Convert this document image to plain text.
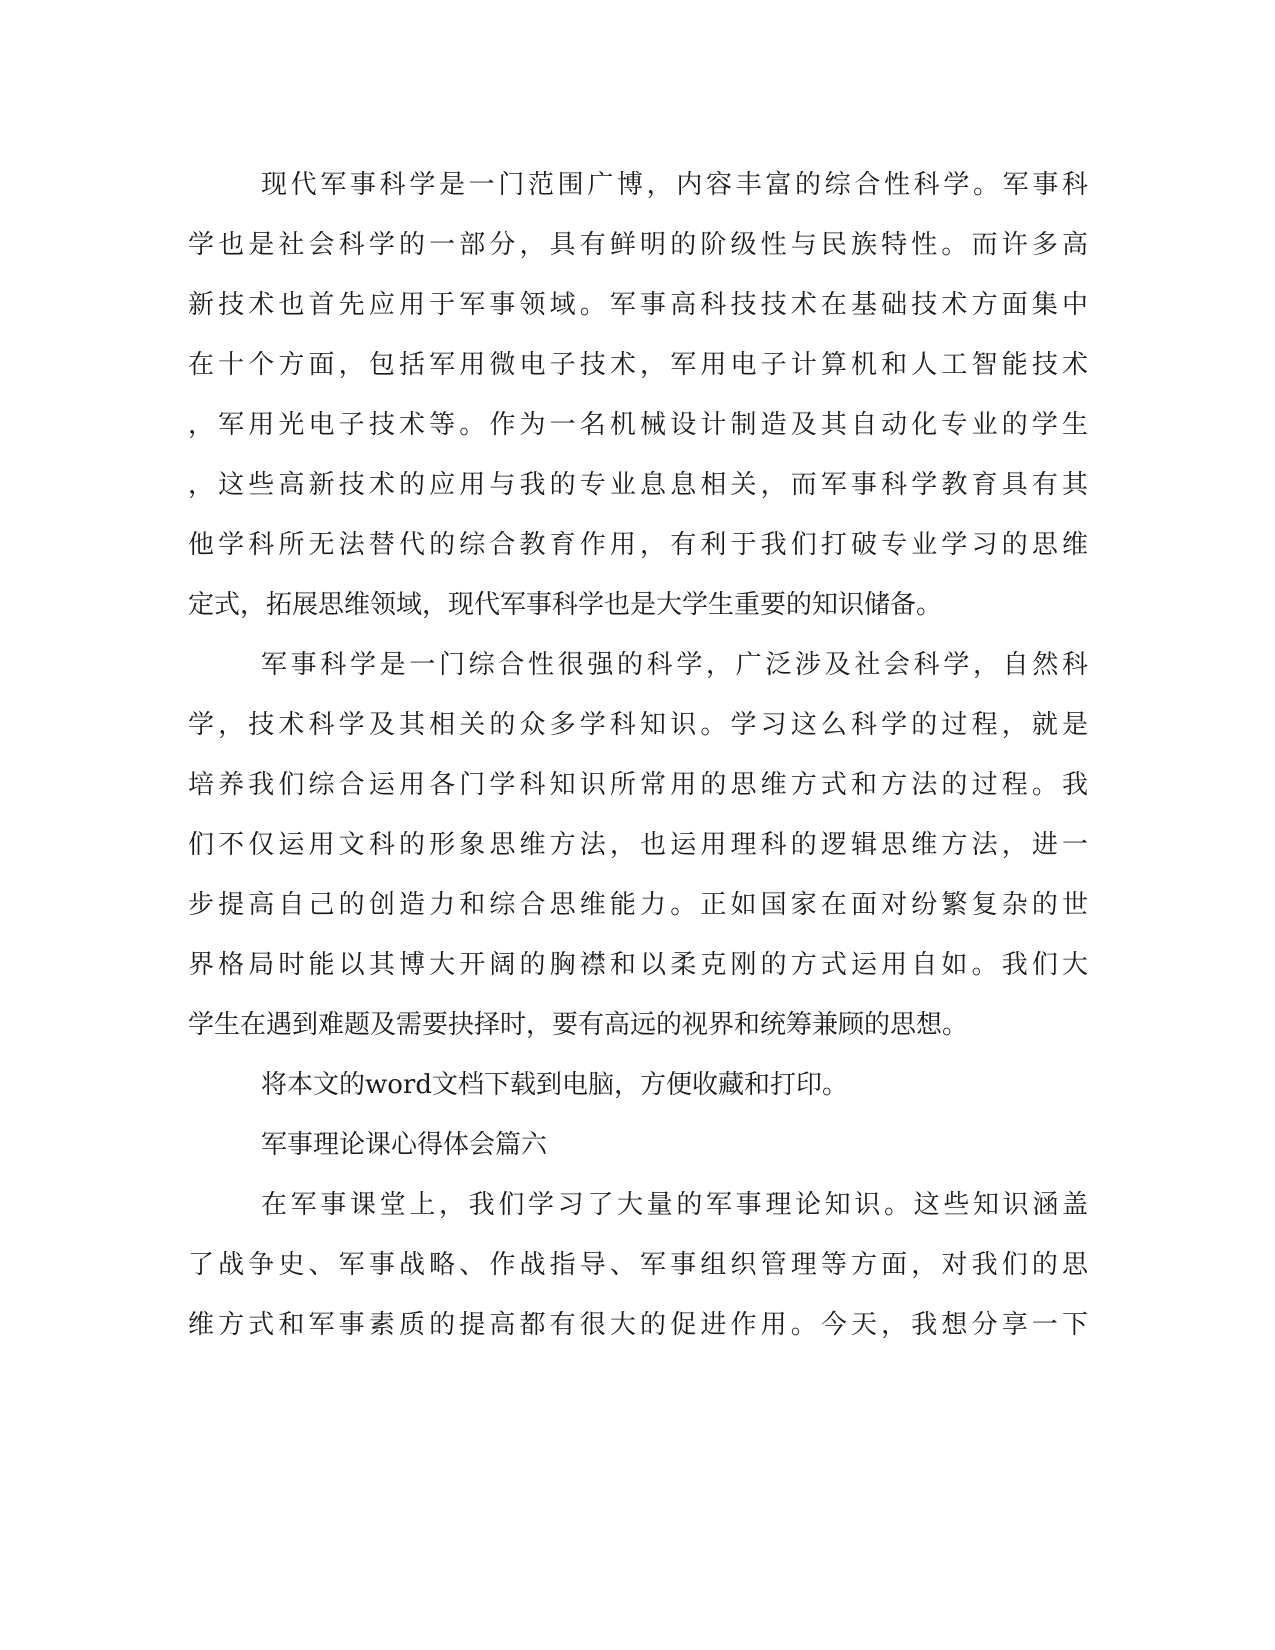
现代军事科学是一门范围广博，内容丰富的综合性科学。军事科
学也是社会科学的一部分，具有鲜明的阶级性与民族特性。而许多高
新技术也首先应用于军事领域。军事高科技技术在基础技术方面集中
在十个方面，包括军用微电子技术，军用电子计算机和人工智能技术
，军用光电子技术等。作为一名机械设计制造及其自动化专业的学生
，这些高新技术的应用与我的专业息息相关，而军事科学教育具有其
他学科所无法替代的综合教育作用，有利于我们打破专业学习的思维
定式，拓展思维领域，现代军事科学也是大学生重要的知识储备。
军事科学是一门综合性很强的科学，广泛涉及社会科学，自然科
学，技术科学及其相关的众多学科知识。学习这么科学的过程，就是
培养我们综合运用各门学科知识所常用的思维方式和方法的过程。我
们不仅运用文科的形象思维方法，也运用理科的逻辑思维方法，进一
步提高自己的创造力和综合思维能力。正如国家在面对纷繁复杂的世
界格局时能以其博大开阔的胸襟和以柔克刚的方式运用自如。我们大
学生在遇到难题及需要抉择时，要有高远的视界和统筹兼顾的思想。
将本文的word文档下载到电脑，方便收藏和打印。
军事理论课心得体会篇六
在军事课堂上，我们学习了大量的军事理论知识。这些知识涵盖
了战争史、军事战略、作战指导、军事组织管理等方面，对我们的思
维方式和军事素质的提高都有很大的促进作用。今天，我想分享一下
